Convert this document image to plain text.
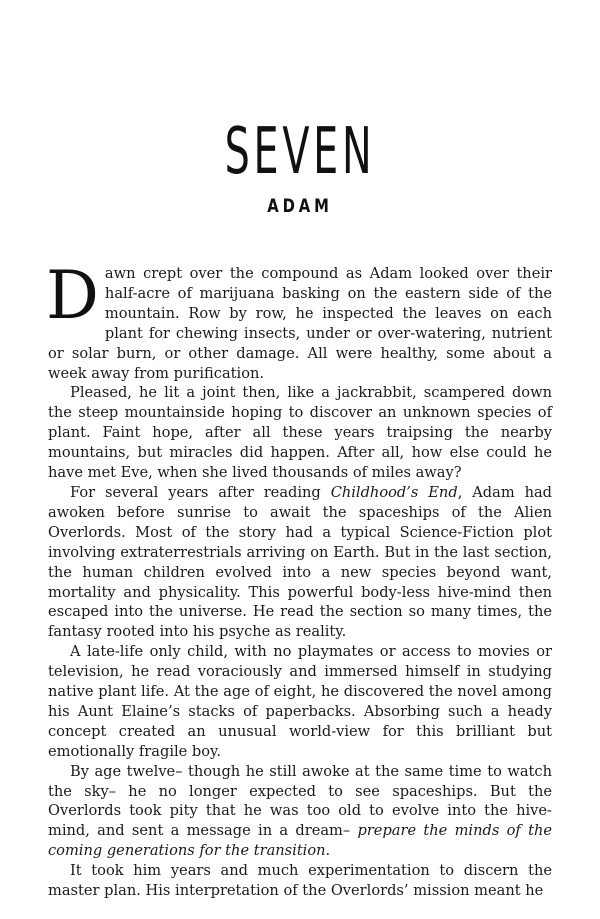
SEVEN
ADAM

Dawn crept over the compound as Adam looked over their half-acre of marijuana basking on the eastern side of the mountain. Row by row, he inspected the leaves on each plant for chewing insects, under or over-watering, nutrient or solar burn, or other damage. All were healthy, some about a week away from purification.

Pleased, he lit a joint then, like a jackrabbit, scampered down the steep mountainside hoping to discover an unknown species of plant. Faint hope, after all these years traipsing the nearby mountains, but miracles did happen. After all, how else could he have met Eve, when she lived thousands of miles away?

For several years after reading Childhood’s End, Adam had awoken before sunrise to await the spaceships of the Alien Overlords. Most of the story had a typical Science-Fiction plot involving extraterrestrials arriving on Earth. But in the last section, the human children evolved into a new species beyond want, mortality and physicality. This powerful body-less hive-mind then escaped into the universe. He read the section so many times, the fantasy rooted into his psyche as reality.

A late-life only child, with no playmates or access to movies or television, he read voraciously and immersed himself in studying native plant life. At the age of eight, he discovered the novel among his Aunt Elaine’s stacks of paperbacks. Absorbing such a heady concept created an unusual world-view for this brilliant but emotionally fragile boy.

By age twelve– though he still awoke at the same time to watch the sky– he no longer expected to see spaceships. But the Overlords took pity that he was too old to evolve into the hive-mind, and sent a message in a dream– prepare the minds of the coming generations for the transition.

It took him years and much experimentation to discern the master plan. His interpretation of the Overlords’ mission meant he
